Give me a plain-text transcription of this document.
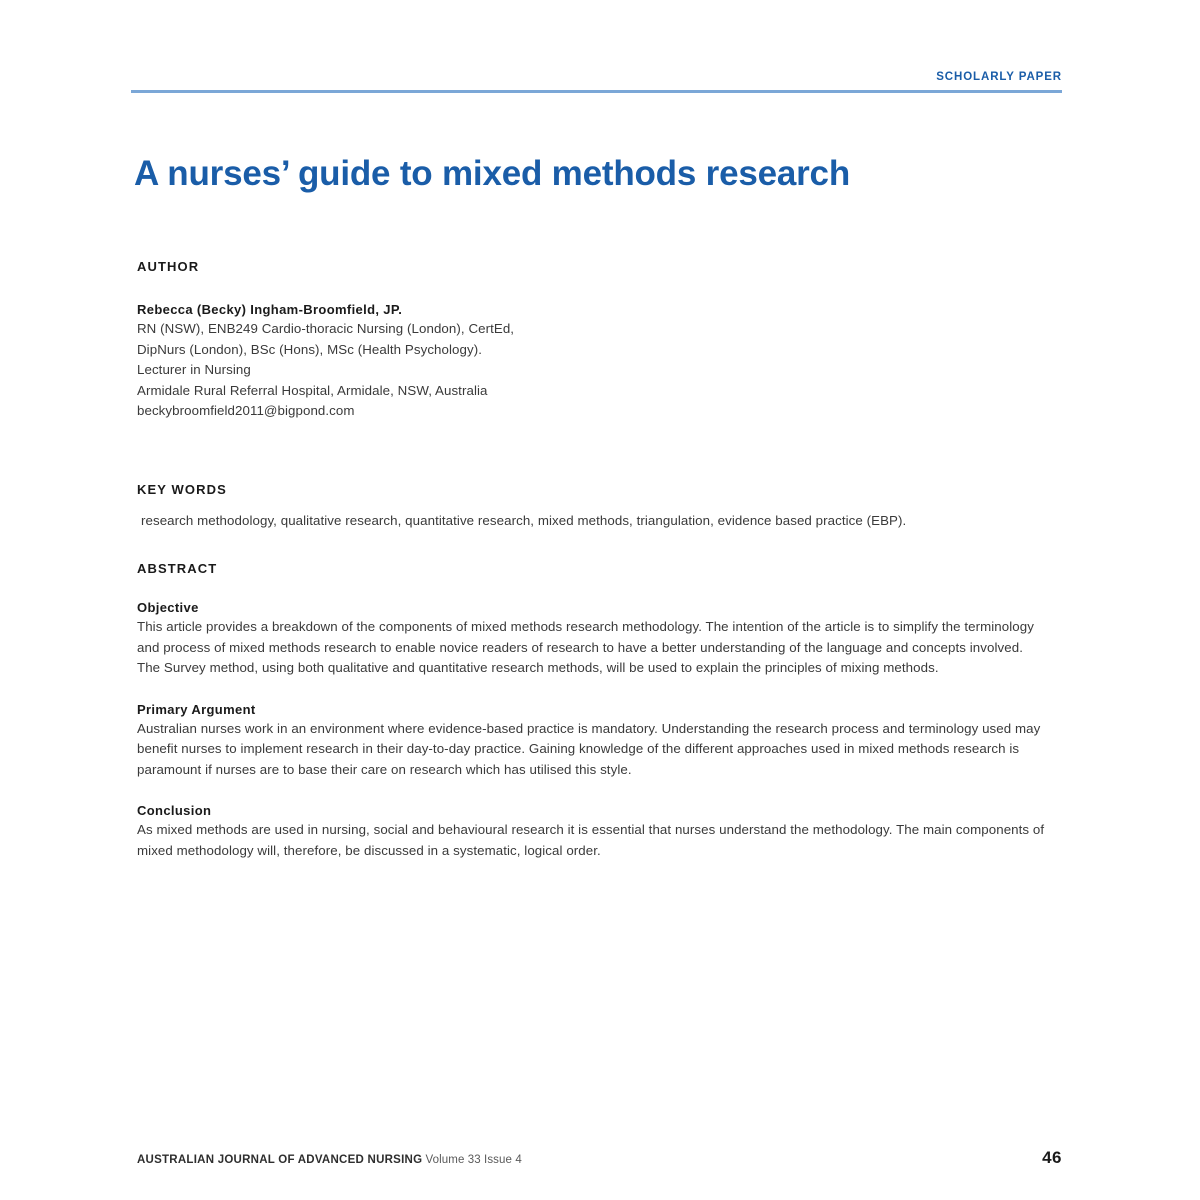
SCHOLARLY PAPER
A nurses’ guide to mixed methods research
AUTHOR
Rebecca (Becky) Ingham-Broomfield, JP.
RN (NSW), ENB249 Cardio-thoracic Nursing (London), CertEd,
DipNurs (London), BSc (Hons), MSc (Health Psychology).
Lecturer in Nursing
Armidale Rural Referral Hospital, Armidale, NSW, Australia
beckybroomfield2011@bigpond.com
KEY WORDS
research methodology, qualitative research, quantitative research, mixed methods, triangulation, evidence based practice (EBP).
ABSTRACT
Objective
This article provides a breakdown of the components of mixed methods research methodology. The intention of the article is to simplify the terminology and process of mixed methods research to enable novice readers of research to have a better understanding of the language and concepts involved. The Survey method, using both qualitative and quantitative research methods, will be used to explain the principles of mixing methods.
Primary Argument
Australian nurses work in an environment where evidence-based practice is mandatory. Understanding the research process and terminology used may benefit nurses to implement research in their day-to-day practice. Gaining knowledge of the different approaches used in mixed methods research is paramount if nurses are to base their care on research which has utilised this style.
Conclusion
As mixed methods are used in nursing, social and behavioural research it is essential that nurses understand the methodology. The main components of mixed methodology will, therefore, be discussed in a systematic, logical order.
AUSTRALIAN JOURNAL OF ADVANCED NURSING Volume 33 Issue 4	46
